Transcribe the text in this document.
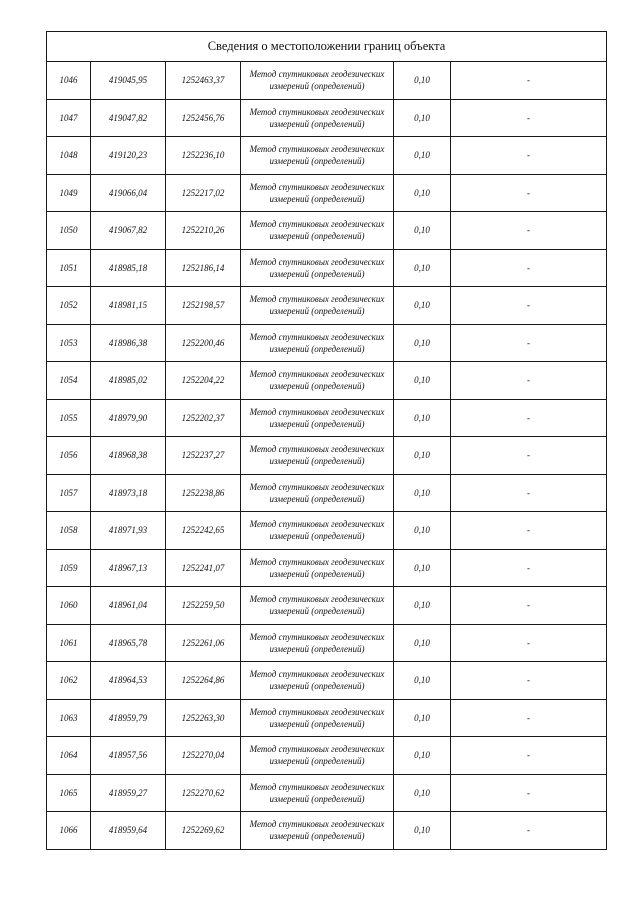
Сведения о местоположении границ объекта					
1046	419045,95	1252463,37	Метод спутниковых геодезических измерений (определений)	0,10	-
1047	419047,82	1252456,76	Метод спутниковых геодезических измерений (определений)	0,10	-
1048	419120,23	1252236,10	Метод спутниковых геодезических измерений (определений)	0,10	-
1049	419066,04	1252217,02	Метод спутниковых геодезических измерений (определений)	0,10	-
1050	419067,82	1252210,26	Метод спутниковых геодезических измерений (определений)	0,10	-
1051	418985,18	1252186,14	Метод спутниковых геодезических измерений (определений)	0,10	-
1052	418981,15	1252198,57	Метод спутниковых геодезических измерений (определений)	0,10	-
1053	418986,38	1252200,46	Метод спутниковых геодезических измерений (определений)	0,10	-
1054	418985,02	1252204,22	Метод спутниковых геодезических измерений (определений)	0,10	-
1055	418979,90	1252202,37	Метод спутниковых геодезических измерений (определений)	0,10	-
1056	418968,38	1252237,27	Метод спутниковых геодезических измерений (определений)	0,10	-
1057	418973,18	1252238,86	Метод спутниковых геодезических измерений (определений)	0,10	-
1058	418971,93	1252242,65	Метод спутниковых геодезических измерений (определений)	0,10	-
1059	418967,13	1252241,07	Метод спутниковых геодезических измерений (определений)	0,10	-
1060	418961,04	1252259,50	Метод спутниковых геодезических измерений (определений)	0,10	-
1061	418965,78	1252261,06	Метод спутниковых геодезических измерений (определений)	0,10	-
1062	418964,53	1252264,86	Метод спутниковых геодезических измерений (определений)	0,10	-
1063	418959,79	1252263,30	Метод спутниковых геодезических измерений (определений)	0,10	-
1064	418957,56	1252270,04	Метод спутниковых геодезических измерений (определений)	0,10	-
1065	418959,27	1252270,62	Метод спутниковых геодезических измерений (определений)	0,10	-
1066	418959,64	1252269,62	Метод спутниковых геодезических измерений (определений)	0,10	-
